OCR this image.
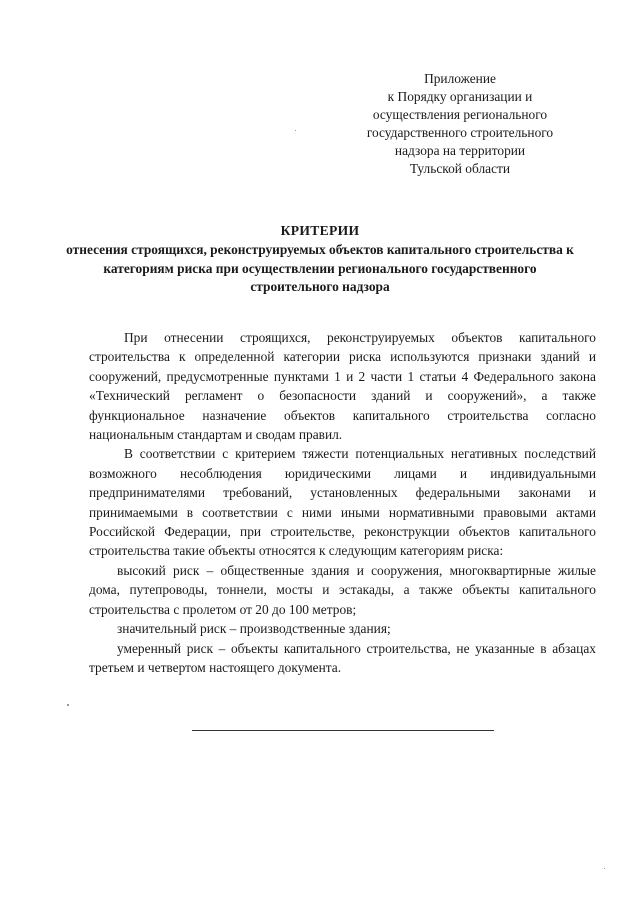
Приложение
к Порядку организации и
осуществления регионального
государственного строительного
надзора на территории
Тульской области
КРИТЕРИИ
отнесения строящихся, реконструируемых объектов капитального строительства к категориям риска при осуществлении регионального государственного строительного надзора

При отнесении строящихся, реконструируемых объектов капитального строительства к определенной категории риска используются признаки зданий и сооружений, предусмотренные пунктами 1 и 2 части 1 статьи 4 Федерального закона «Технический регламент о безопасности зданий и сооружений», а также функциональное назначение объектов капитального строительства согласно национальным стандартам и сводам правил.

В соответствии с критерием тяжести потенциальных негативных последствий возможного несоблюдения юридическими лицами и индивидуальными предпринимателями требований, установленных федеральными законами и принимаемыми в соответствии с ними иными нормативными правовыми актами Российской Федерации, при строительстве, реконструкции объектов капитального строительства такие объекты относятся к следующим категориям риска:

высокий риск – общественные здания и сооружения, многоквартирные жилые дома, путепроводы, тоннели, мосты и эстакады, а также объекты капитального строительства с пролетом от 20 до 100 метров;

значительный риск – производственные здания;

умеренный риск – объекты капитального строительства, не указанные в абзацах третьем и четвертом настоящего документа.
